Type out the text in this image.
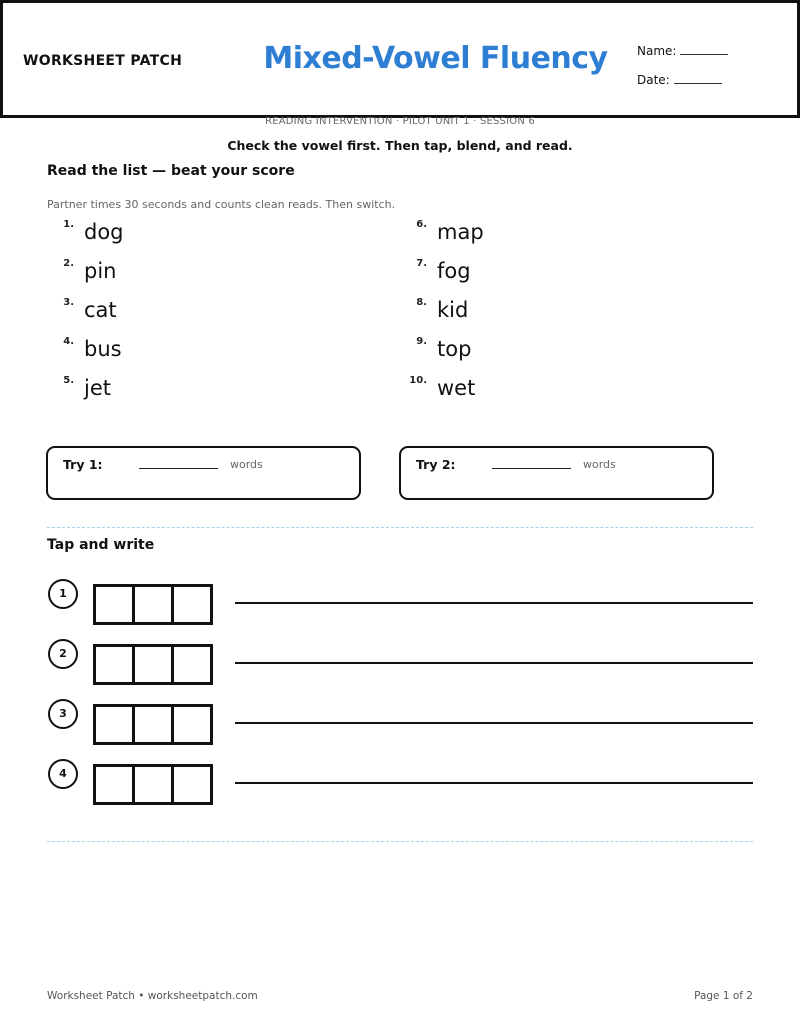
WORKSHEET PATCH	Mixed-Vowel Fluency	Name:
Date:
READING INTERVENTION · PILOT UNIT 1 · SESSION 6
Check the vowel first. Then tap, blend, and read.
Read the list — beat your score
Partner times 30 seconds and counts clean reads. Then switch.
1. dog
2. pin
3. cat
4. bus
5. jet
6. map
7. fog
8. kid
9. top
10. wet
Try 1:	words	Try 2:	words
Tap and write
1
2
3
4
Worksheet Patch • worksheetpatch.com	Page 1 of 2
